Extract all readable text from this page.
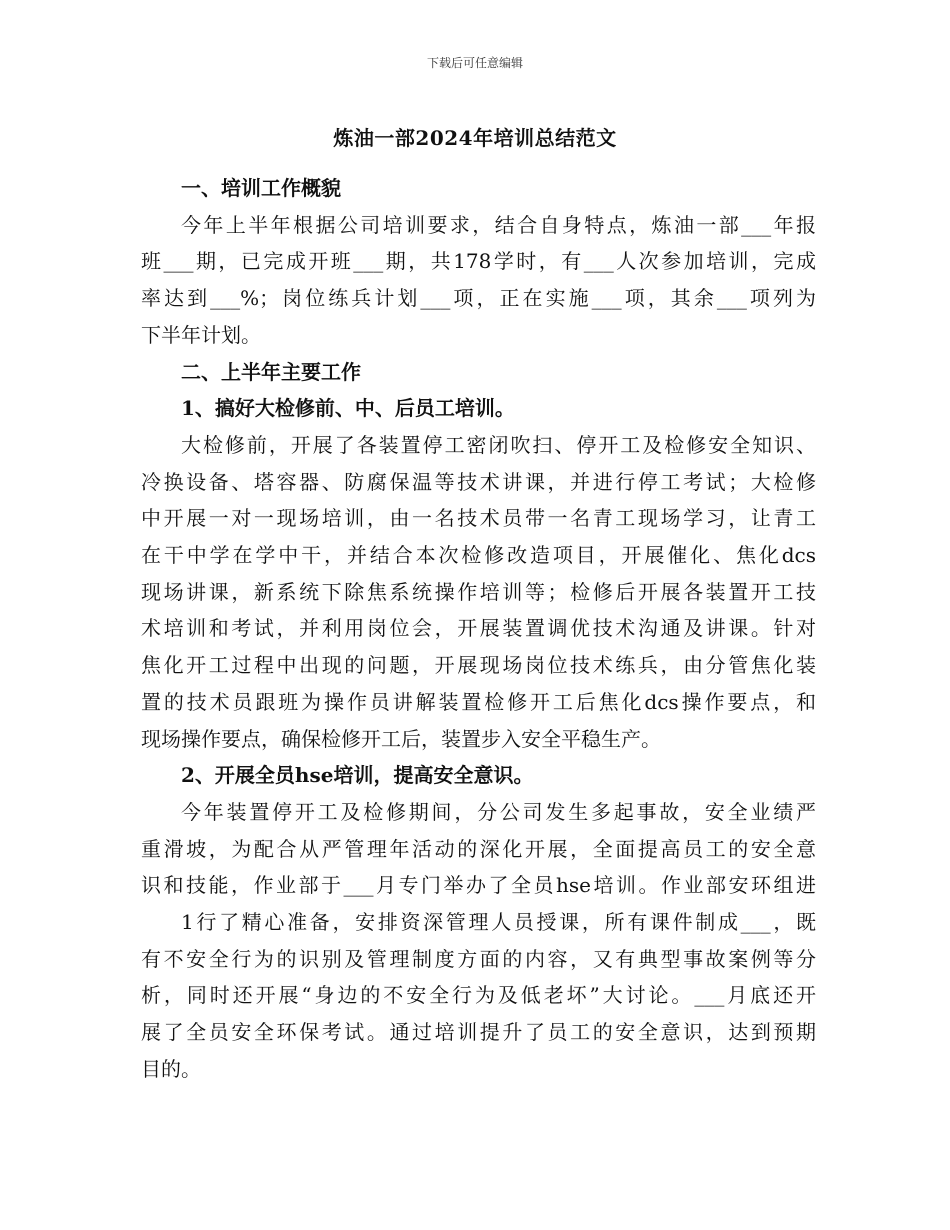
下载后可任意编辑
炼油一部2024年培训总结范文

一、培训工作概貌

今年上半年根据公司培训要求，结合自身特点，炼油一部___年报
班___期，已完成开班___期，共178学时，有___人次参加培训，完成
率达到___%；岗位练兵计划___项，正在实施___项，其余___项列为
下半年计划。

二、上半年主要工作

1、搞好大检修前、中、后员工培训。

大检修前，开展了各装置停工密闭吹扫、停开工及检修安全知识、
冷换设备、塔容器、防腐保温等技术讲课，并进行停工考试；大检修
中开展一对一现场培训，由一名技术员带一名青工现场学习，让青工
在干中学在学中干，并结合本次检修改造项目，开展催化、焦化dcs
现场讲课，新系统下除焦系统操作培训等；检修后开展各装置开工技
术培训和考试，并利用岗位会，开展装置调优技术沟通及讲课。针对
焦化开工过程中出现的问题，开展现场岗位技术练兵，由分管焦化装
置的技术员跟班为操作员讲解装置检修开工后焦化dcs操作要点，和
现场操作要点，确保检修开工后，装置步入安全平稳生产。

2、开展全员hse培训，提高安全意识。

今年装置停开工及检修期间，分公司发生多起事故，安全业绩严
重滑坡，为配合从严管理年活动的深化开展，全面提高员工的安全意
识和技能，作业部于___月专门举办了全员hse培训。作业部安环组进
1行了精心准备，安排资深管理人员授课，所有课件制成___，既
有不安全行为的识别及管理制度方面的内容，又有典型事故案例等分
析，同时还开展“身边的不安全行为及低老坏”大讨论。___月底还开
展了全员安全环保考试。通过培训提升了员工的安全意识，达到预期
目的。
